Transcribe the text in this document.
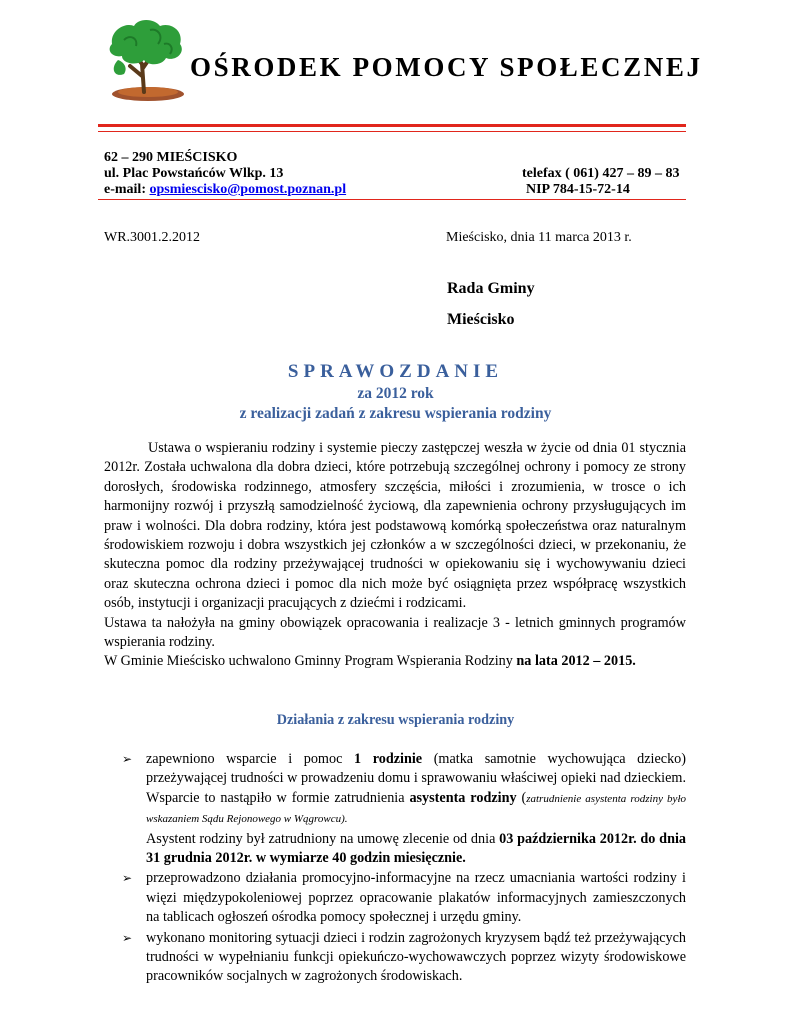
OŚRODEK POMOCY SPOŁECZNEJ
62 – 290 MIEŚCISKO
ul. Plac Powstańców Wlkp. 13	telefax ( 061) 427 – 89 – 83
e-mail: opsmiescisko@pomost.poznan.pl	NIP 784-15-72-14
WR.3001.2.2012	Mieścisko, dnia 11 marca 2013 r.
Rada Gminy
Mieścisko
SPRAWOZDANIE
za 2012 rok
z realizacji zadań z zakresu wspierania rodziny

Ustawa o wspieraniu rodziny i systemie pieczy zastępczej weszła w życie od dnia 01 stycznia 2012r. Została uchwalona dla dobra dzieci, które potrzebują szczególnej ochrony i pomocy ze strony dorosłych, środowiska rodzinnego, atmosfery szczęścia, miłości i zrozumienia, w trosce o ich harmonijny rozwój i przyszłą samodzielność życiową, dla zapewnienia ochrony przysługujących im praw i wolności. Dla dobra rodziny, która jest podstawową komórką społeczeństwa oraz naturalnym środowiskiem rozwoju i dobra wszystkich jej członków a w szczególności dzieci, w przekonaniu, że skuteczna pomoc dla rodziny przeżywającej trudności w opiekowaniu się i wychowywaniu dzieci oraz skuteczna ochrona dzieci i pomoc dla nich może być osiągnięta przez współpracę wszystkich osób, instytucji i organizacji pracujących z dziećmi i rodzicami.

Ustawa ta nałożyła na gminy obowiązek opracowania i realizacje 3 - letnich gminnych programów wspierania rodziny.

W Gminie Mieścisko uchwalono Gminny Program Wspierania Rodziny na lata 2012 – 2015.

Działania z zakresu wspierania rodziny
➢ zapewniono wsparcie i pomoc 1 rodzinie (matka samotnie wychowująca dziecko) przeżywającej trudności w prowadzeniu domu i sprawowaniu właściwej opieki nad dzieckiem. Wsparcie to nastąpiło w formie zatrudnienia asystenta rodziny (zatrudnienie asystenta rodziny było wskazaniem Sądu Rejonowego w Wągrowcu).
Asystent rodziny był zatrudniony na umowę zlecenie od dnia 03 października 2012r. do dnia 31 grudnia 2012r. w wymiarze 40 godzin miesięcznie.
➢ przeprowadzono działania promocyjno-informacyjne na rzecz umacniania wartości rodziny i więzi międzypokoleniowej poprzez opracowanie plakatów informacyjnych zamieszczonych na tablicach ogłoszeń ośrodka pomocy społecznej i urzędu gminy.
➢ wykonano monitoring sytuacji dzieci i rodzin zagrożonych kryzysem bądź też przeżywających trudności w wypełnianiu funkcji opiekuńczo-wychowawczych poprzez wizyty środowiskowe pracowników socjalnych w zagrożonych środowiskach.
